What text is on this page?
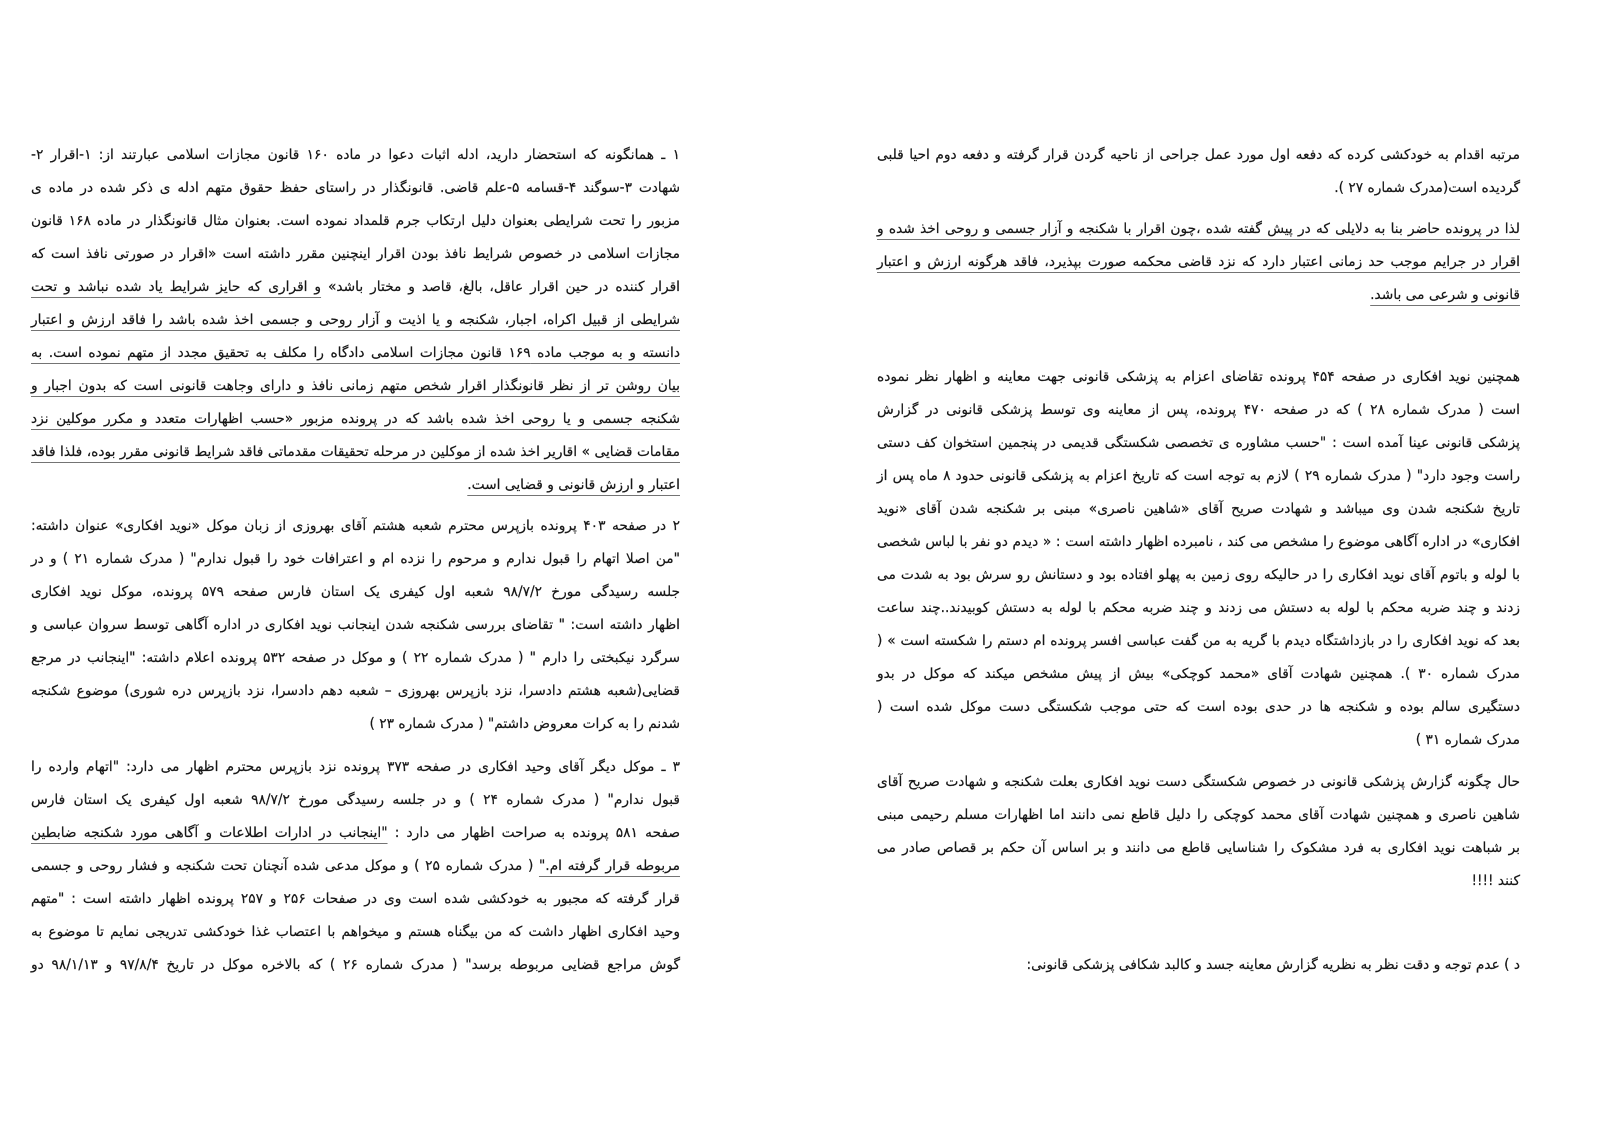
مرتبه اقدام به خودکشی کرده که دفعه اول مورد عمل جراحی از ناحیه گردن قرار گرفته و دفعه دوم احیا قلبی
گردیده است(مدرک شماره ۲۷ ).
لذا در پرونده حاضر بنا به دلایلی که در پیش گفته شده ،چون اقرار با شکنجه و آزار جسمی و روحی اخذ شده و
اقرار در جرایم موجب حد زمانی اعتبار دارد که نزد قاضی محکمه صورت بپذیرد، فاقد هرگونه ارزش و اعتبار
قانونی و شرعی می باشد.
همچنین نوید افکاری در صفحه ۴۵۴ پرونده تقاضای اعزام به پزشکی قانونی جهت معاینه و اظهار نظر نموده
است ( مدرک شماره ۲۸ ) که در صفحه ۴۷۰ پرونده، پس از معاینه وی توسط پزشکی قانونی در گزارش
پزشکی قانونی عینا آمده است : "حسب مشاوره ی تخصصی شکستگی قدیمی در پنجمین استخوان کف دستی
راست وجود دارد" ( مدرک شماره ۲۹ ) لازم به توجه است که تاریخ اعزام به پزشکی قانونی حدود ۸ ماه پس از
تاریخ شکنجه شدن وی میباشد و شهادت صریح آقای «شاهین ناصری» مبنی بر شکنجه شدن آقای «نوید
افکاری» در اداره آگاهی موضوع را مشخص می کند ، نامبرده اظهار داشته است : « دیدم دو نفر با لباس شخصی
با لوله و باتوم آقای نوید افکاری را در حالیکه روی زمین به پهلو افتاده بود و دستانش رو سرش بود به شدت می
زدند و چند ضربه محکم با لوله به دستش می زدند و چند ضربه محکم با لوله به دستش کوبیدند..چند ساعت
بعد که نوید افکاری را در بازداشتگاه دیدم با گریه به من گفت عباسی افسر پرونده ام دستم را شکسته است » (
مدرک شماره ۳۰ ). همچنین شهادت آقای «محمد کوچکی» بیش از پیش مشخص میکند که موکل در بدو
دستگیری سالم بوده و شکنجه ها در حدی بوده است که حتی موجب شکستگی دست موکل شده است (
مدرک شماره ۳۱ )
حال چگونه گزارش پزشکی قانونی در خصوص شکستگی دست نوید افکاری بعلت شکنجه و شهادت صریح آقای
شاهین ناصری و همچنین شهادت آقای محمد کوچکی را دلیل قاطع نمی دانند اما اظهارات مسلم رحیمی مبنی
بر شباهت نوید افکاری به فرد مشکوک را شناسایی قاطع می دانند و بر اساس آن حکم بر قصاص صادر می
کنند !!!!
د ) عدم توجه و دقت نظر به نظریه گزارش معاینه جسد و کالبد شکافی پزشکی قانونی:
۱ ـ همانگونه که استحضار دارید، ادله اثبات دعوا در ماده ۱۶۰ قانون مجازات اسلامی عبارتند از: ۱-اقرار ۲-
شهادت ۳-سوگند ۴-قسامه ۵-علم قاضی. قانونگذار در راستای حفظ حقوق متهم ادله ی ذکر شده در ماده ی
مزبور را تحت شرایطی بعنوان دلیل ارتکاب جرم قلمداد نموده است. بعنوان مثال قانونگذار در ماده ۱۶۸ قانون
مجازات اسلامی در خصوص شرایط نافذ بودن اقرار اینچنین مقرر داشته است «اقرار در صورتی نافذ است که
اقرار کننده در حین اقرار عاقل، بالغ، قاصد و مختار باشد» و اقراری که حایز شرایط یاد شده نباشد و تحت
شرایطی از قبیل اکراه، اجبار، شکنجه و یا اذیت و آزار روحی و جسمی اخذ شده باشد را فاقد ارزش و اعتبار
دانسته و به موجب ماده ۱۶۹ قانون مجازات اسلامی دادگاه را مکلف به تحقیق مجدد از متهم نموده است. به
بیان روشن تر از نظر قانونگذار اقرار شخص متهم زمانی نافذ و دارای وجاهت قانونی است که بدون اجبار و
شکنجه جسمی و یا روحی اخذ شده باشد که در پرونده مزبور «حسب اظهارات متعدد و مکرر موکلین نزد
مقامات قضایی » اقاریر اخذ شده از موکلین در مرحله تحقیقات مقدماتی فاقد شرایط قانونی مقرر بوده، فلذا فاقد
اعتبار و ارزش قانونی و قضایی است.
۲ در صفحه ۴۰۳ پرونده بازپرس محترم شعبه هشتم آقای بهروزی از زبان موکل «نوید افکاری» عنوان داشته:
"من اصلا اتهام را قبول ندارم و مرحوم را نزده ام و اعترافات خود را قبول ندارم" ( مدرک شماره ۲۱ ) و در
جلسه رسیدگی مورخ ۹۸/۷/۲ شعبه اول کیفری یک استان فارس صفحه ۵۷۹ پرونده، موکل نوید افکاری
اظهار داشته است: " تقاضای بررسی شکنجه شدن اینجانب نوید افکاری در اداره آگاهی توسط سروان عباسی و
سرگرد نیکبختی را دارم " ( مدرک شماره ۲۲ ) و موکل در صفحه ۵۳۲ پرونده اعلام داشته: "اینجانب در مرجع
قضایی(شعبه هشتم دادسرا، نزد بازپرس بهروزی – شعبه دهم دادسرا، نزد بازپرس دره شوری) موضوع شکنجه
شدنم را به کرات معروض داشتم" ( مدرک شماره ۲۳ )
۳ ـ موکل دیگر آقای وحید افکاری در صفحه ۳۷۳ پرونده نزد بازپرس محترم اظهار می دارد: "اتهام وارده را
قبول ندارم" ( مدرک شماره ۲۴ ) و در جلسه رسیدگی مورخ ۹۸/۷/۲ شعبه اول کیفری یک استان فارس
صفحه ۵۸۱ پرونده به صراحت اظهار می دارد : "اینجانب در ادارات اطلاعات و آگاهی مورد شکنجه ضابطین
مربوطه قرار گرفته ام." ( مدرک شماره ۲۵ ) و موکل مدعی شده آنچنان تحت شکنجه و فشار روحی و جسمی
قرار گرفته که مجبور به خودکشی شده است وی در صفحات ۲۵۶ و ۲۵۷ پرونده اظهار داشته است : "متهم
وحید افکاری اظهار داشت که من بیگناه هستم و میخواهم با اعتصاب غذا خودکشی تدریجی نمایم تا موضوع به
گوش مراجع قضایی مربوطه برسد" ( مدرک شماره ۲۶ ) که بالاخره موکل در تاریخ ۹۷/۸/۴ و ۹۸/۱/۱۳ دو
